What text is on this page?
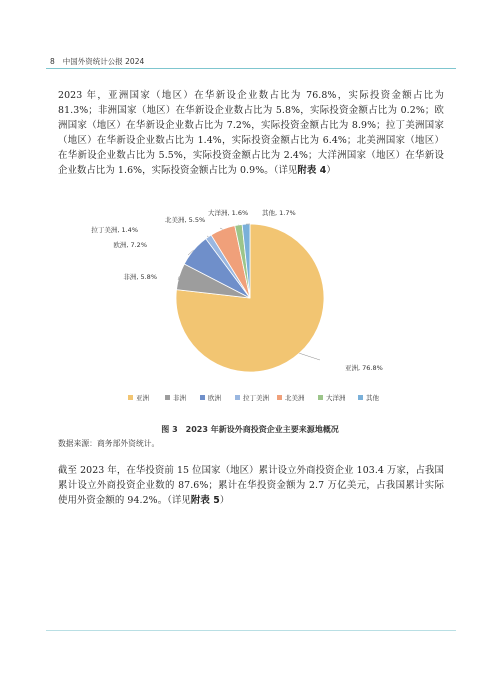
8 中国外资统计公报 2024
2023 年，亚洲国家（地区）在华新设企业数占比为 76.8%，实际投资金额占比为 81.3%；非洲国家（地区）在华新设企业数占比为 5.8%，实际投资金额占比为 0.2%；欧洲国家（地区）在华新设企业数占比为 7.2%，实际投资金额占比为 8.9%；拉丁美洲国家（地区）在华新设企业数占比为 1.4%，实际投资金额占比为 6.4%；北美洲国家（地区）在华新设企业数占比为 5.5%，实际投资金额占比为 2.4%；大洋洲国家（地区）在华新设企业数占比为 1.6%，实际投资金额占比为 0.9%。（详见附表 4）
亚洲, 76.8%
非洲, 5.8%
欧洲, 7.2%
拉丁美洲, 1.4%
北美洲, 5.5%
大洋洲, 1.6% 其他, 1.7%
亚洲	非洲	欧洲	拉丁美洲 北美洲	大洋洲	其他
图 3　2023 年新设外商投资企业主要来源地概况
数据来源：商务部外资统计。
截至 2023 年，在华投资前 15 位国家（地区）累计设立外商投资企业 103.4 万家，占我国累计设立外商投资企业数的 87.6%；累计在华投资金额为 2.7 万亿美元，占我国累计实际使用外资金额的 94.2%。（详见附表 5）
